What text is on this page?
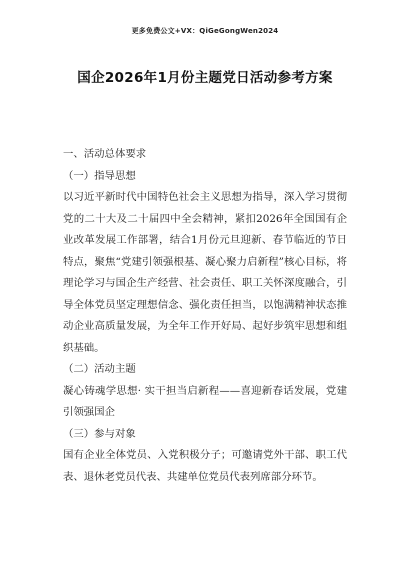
更多免费公文+VX：QiGeGongWen2024
国企2026年1月份主题党日活动参考方案

一、活动总体要求

（一）指导思想

以习近平新时代中国特色社会主义思想为指导，深入学习贯彻党的二十大及二十届四中全会精神，紧扣2026年全国国有企业改革发展工作部署，结合1月份元旦迎新、春节临近的节日特点，聚焦“党建引领强根基、凝心聚力启新程”核心目标，将理论学习与国企生产经营、社会责任、职工关怀深度融合，引导全体党员坚定理想信念、强化责任担当，以饱满精神状态推动企业高质量发展，为全年工作开好局、起好步筑牢思想和组织基础。

（二）活动主题

凝心铸魂学思想· 实干担当启新程——喜迎新春话发展，党建引领强国企

（三）参与对象

国有企业全体党员、入党积极分子；可邀请党外干部、职工代表、退休老党员代表、共建单位党员代表列席部分环节。
